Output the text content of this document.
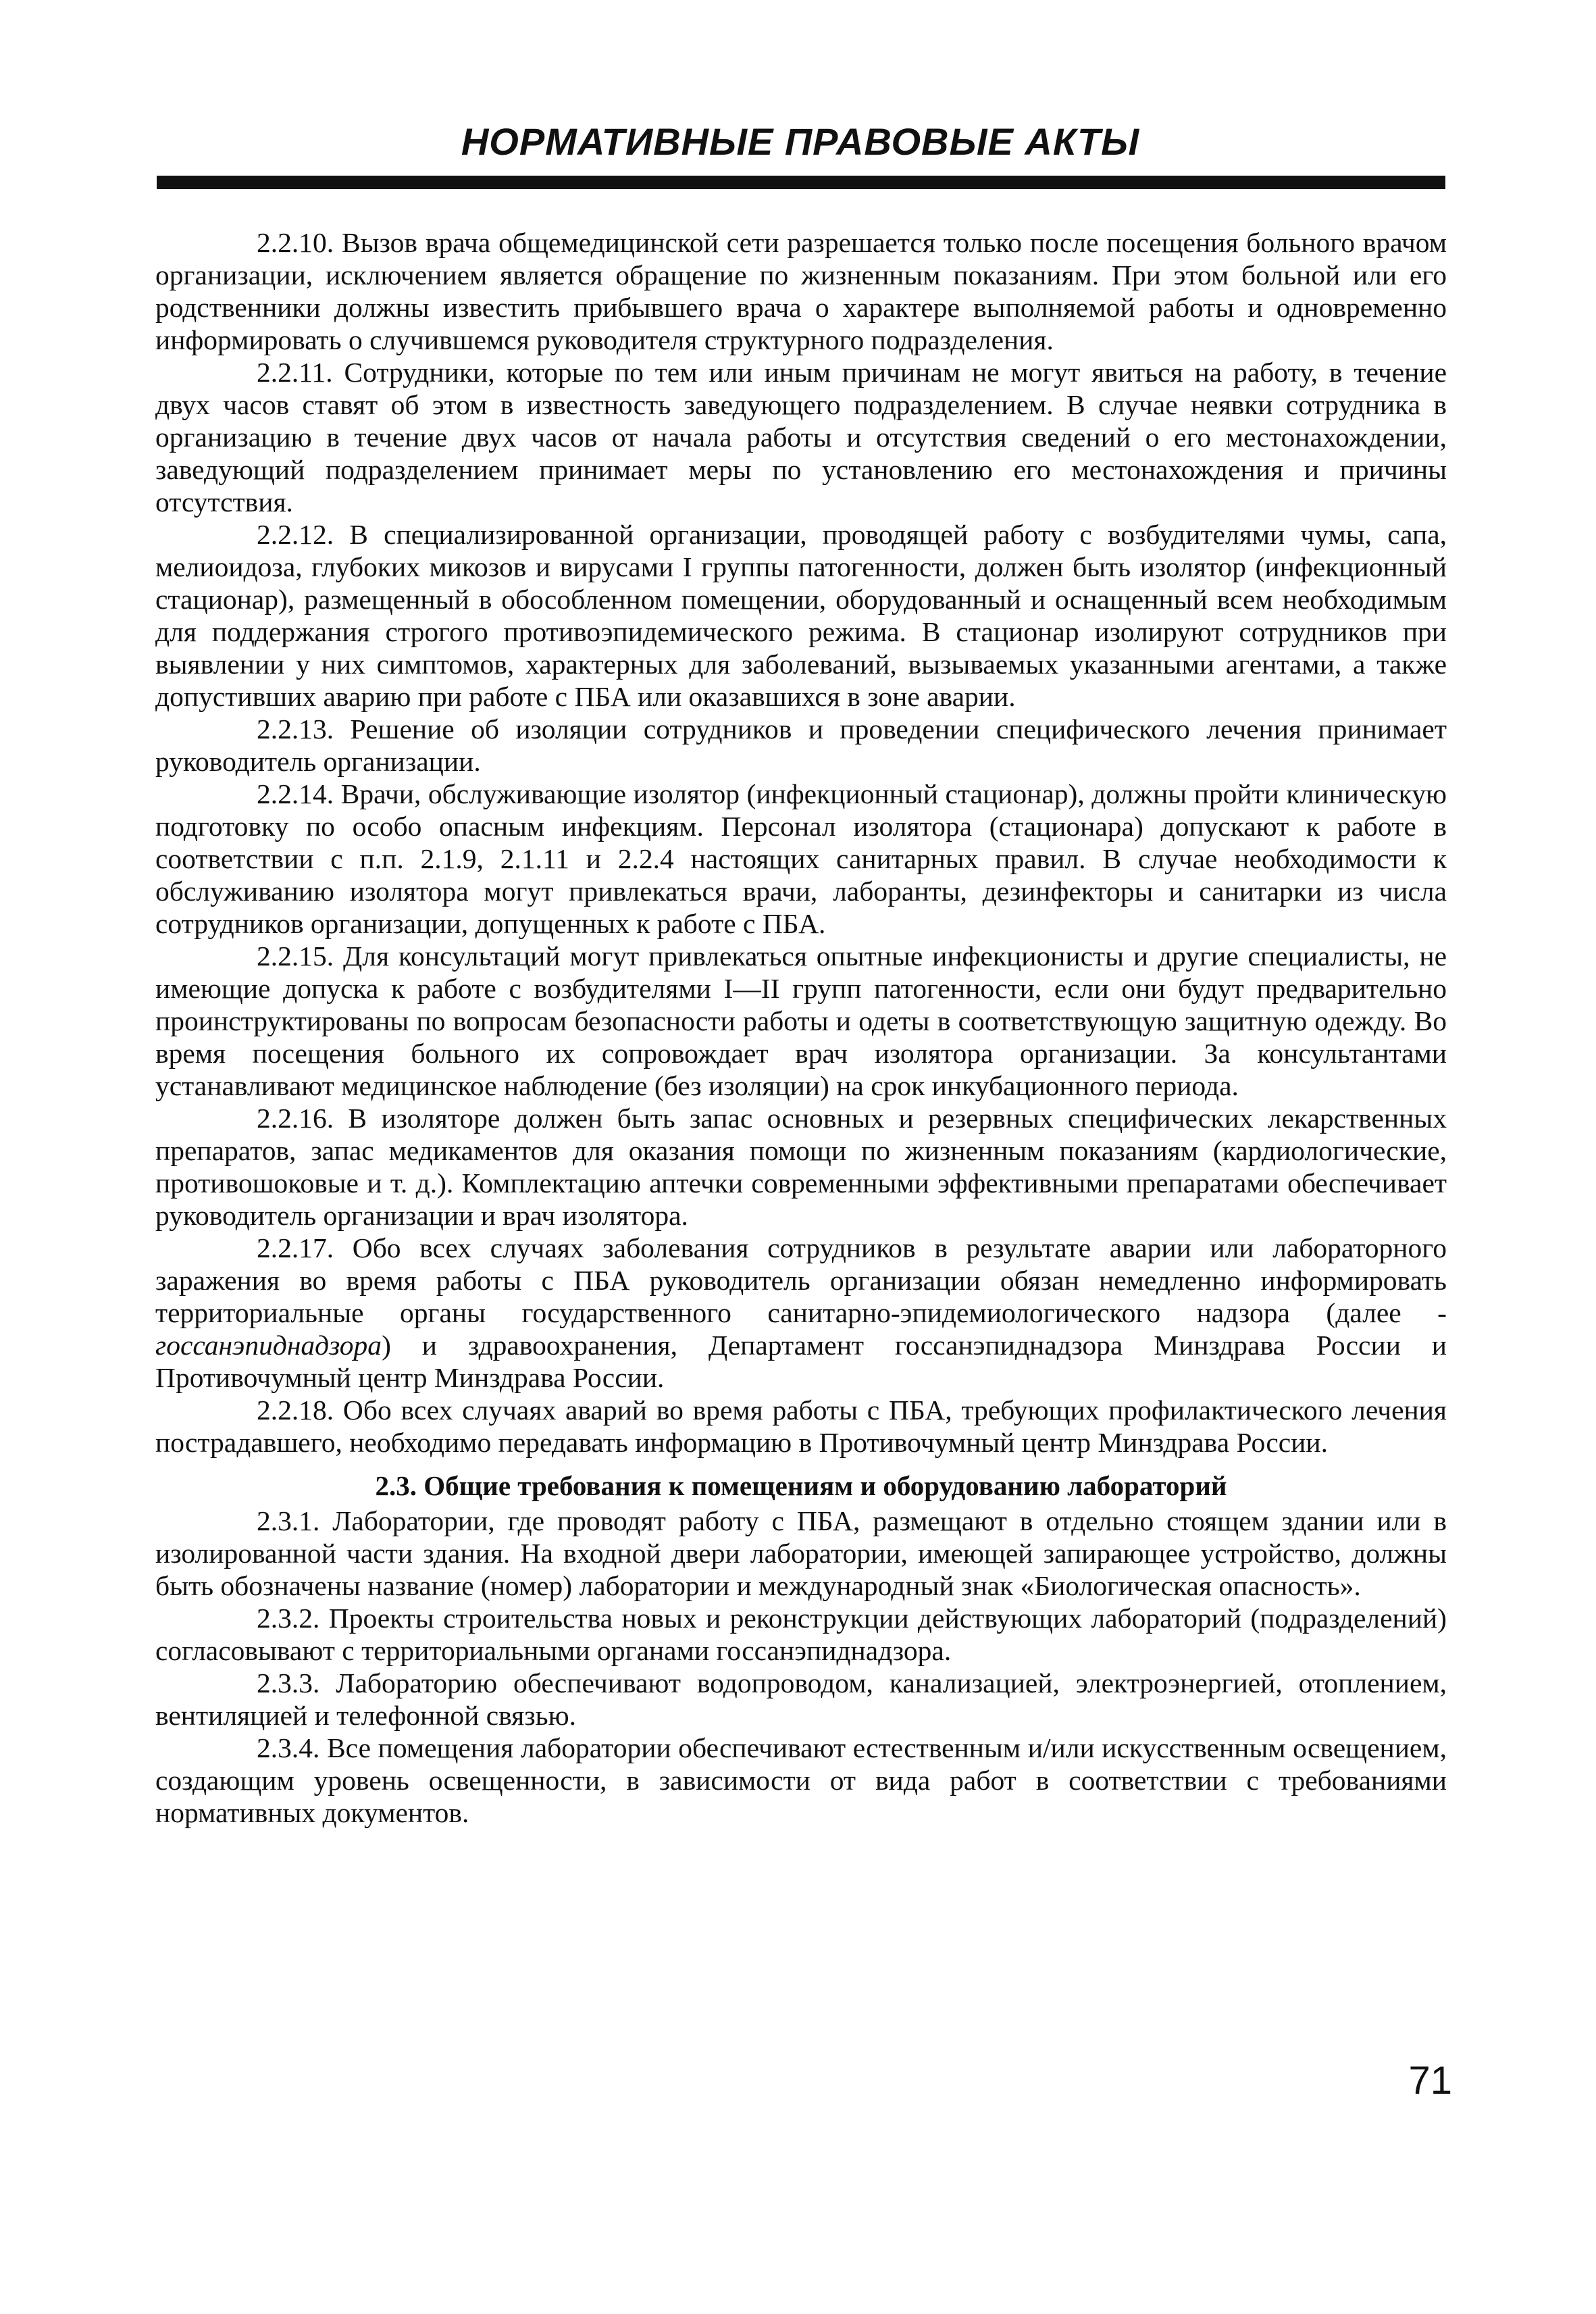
НОРМАТИВНЫЕ ПРАВОВЫЕ АКТЫ

2.2.10. Вызов врача общемедицинской сети разрешается только после посещения больного врачом организации, исключением является обращение по жизненным показаниям. При этом больной или его родственники должны известить прибывшего врача о характере выполняемой работы и одновременно информировать о случившемся руководителя структурного подразделения.

2.2.11. Сотрудники, которые по тем или иным причинам не могут явиться на работу, в течение двух часов ставят об этом в известность заведующего подразделением. В случае неявки сотрудника в организацию в течение двух часов от начала работы и отсутствия сведений о его местонахождении, заведующий подразделением принимает меры по установлению его местонахождения и причины отсутствия.

2.2.12. В специализированной организации, проводящей работу с возбудителями чумы, сапа, мелиоидоза, глубоких микозов и вирусами I группы патогенности, должен быть изолятор (инфекционный стационар), размещенный в обособленном помещении, оборудованный и оснащенный всем необходимым для поддержания строгого противоэпидемического режима. В стационар изолируют сотрудников при выявлении у них симптомов, характерных для заболеваний, вызываемых указанными агентами, а также допустивших аварию при работе с ПБА или оказавшихся в зоне аварии.

2.2.13. Решение об изоляции сотрудников и проведении специфического лечения принимает руководитель организации.

2.2.14. Врачи, обслуживающие изолятор (инфекционный стационар), должны пройти клиническую подготовку по особо опасным инфекциям. Персонал изолятора (стационара) допускают к работе в соответствии с п.п. 2.1.9, 2.1.11 и 2.2.4 настоящих санитарных правил. В случае необходимости к обслуживанию изолятора могут привлекаться врачи, лаборанты, дезинфекторы и санитарки из числа сотрудников организации, допущенных к работе с ПБА.

2.2.15. Для консультаций могут привлекаться опытные инфекционисты и другие специалисты, не имеющие допуска к работе с возбудителями I—II групп патогенности, если они будут предварительно проинструктированы по вопросам безопасности работы и одеты в соответствующую защитную одежду. Во время посещения больного их сопровождает врач изолятора организации. За консультантами устанавливают медицинское наблюдение (без изоляции) на срок инкубационного периода.

2.2.16. В изоляторе должен быть запас основных и резервных специфических лекарственных препаратов, запас медикаментов для оказания помощи по жизненным показаниям (кардиологические, противошоковые и т. д.). Комплектацию аптечки современными эффективными препаратами обеспечивает руководитель организации и врач изолятора.

2.2.17. Обо всех случаях заболевания сотрудников в результате аварии или лабораторного заражения во время работы с ПБА руководитель организации обязан немедленно информировать территориальные органы государственного санитарно-эпидемиологического надзора (далее - госсанэпиднадзора) и здравоохранения, Департамент госсанэпиднадзора Минздрава России и Противочумный центр Минздрава России.

2.2.18. Обо всех случаях аварий во время работы с ПБА, требующих профилактического лечения пострадавшего, необходимо передавать информацию в Противочумный центр Минздрава России.

2.3. Общие требования к помещениям и оборудованию лабораторий

2.3.1. Лаборатории, где проводят работу с ПБА, размещают в отдельно стоящем здании или в изолированной части здания. На входной двери лаборатории, имеющей запирающее устройство, должны быть обозначены название (номер) лаборатории и международный знак «Биологическая опасность».

2.3.2. Проекты строительства новых и реконструкции действующих лабораторий (подразделений) согласовывают с территориальными органами госсанэпиднадзора.

2.3.3. Лабораторию обеспечивают водопроводом, канализацией, электроэнергией, отоплением, вентиляцией и телефонной связью.

2.3.4. Все помещения лаборатории обеспечивают естественным и/или искусственным освещением, создающим уровень освещенности, в зависимости от вида работ в соответствии с требованиями нормативных документов.

71
